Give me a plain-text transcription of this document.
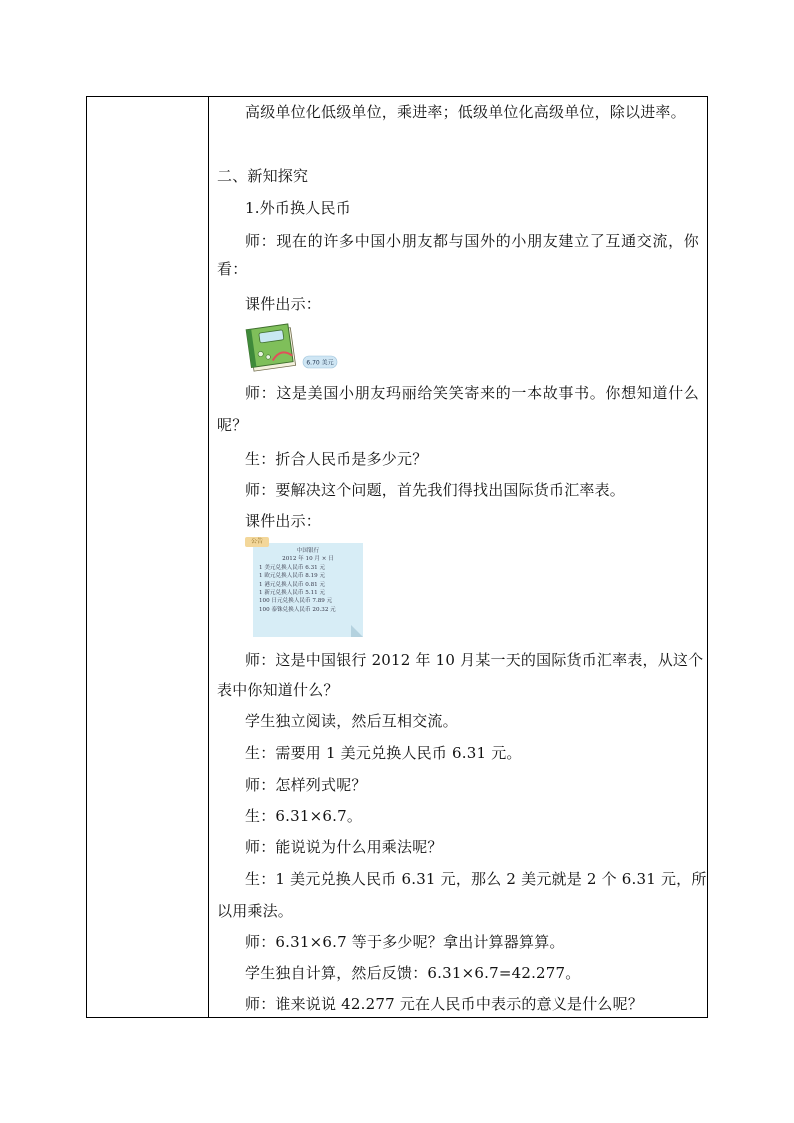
高级单位化低级单位，乘进率；低级单位化高级单位，除以进率。
二、新知探究
1.外币换人民币
师：现在的许多中国小朋友都与国外的小朋友建立了互通交流，你
看：
课件出示：
6.70 美元
师：这是美国小朋友玛丽给笑笑寄来的一本故事书。你想知道什么
呢？
生：折合人民币是多少元？
师：要解决这个问题，首先我们得找出国际货币汇率表。
课件出示：
公告
中国银行
2012 年 10 月 × 日
1 美元兑换人民币 6.31 元
1 欧元兑换人民币 8.19 元
1 港元兑换人民币 0.81 元
1 新元兑换人民币 5.11 元
100 日元兑换人民币 7.89 元
100 泰铢兑换人民币 20.32 元
师：这是中国银行 2012 年 10 月某一天的国际货币汇率表，从这个
表中你知道什么？
学生独立阅读，然后互相交流。
生：需要用 1 美元兑换人民币 6.31 元。
师：怎样列式呢？
生：6.31×6.7。
师：能说说为什么用乘法呢？
生：1 美元兑换人民币 6.31 元，那么 2 美元就是 2 个 6.31 元，所
以用乘法。
师：6.31×6.7 等于多少呢？拿出计算器算算。
学生独自计算，然后反馈：6.31×6.7=42.277。
师：谁来说说 42.277 元在人民币中表示的意义是什么呢？
